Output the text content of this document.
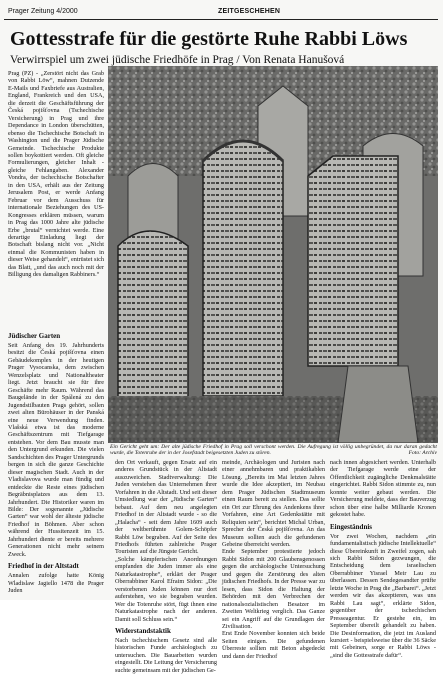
Prager Zeitung 4/2000	ZEITGESCHEHEN
Gottesstrafe für die gestörte Ruhe Rabbi Löws
Verwirrspiel um zwei jüdische Friedhöfe in Prag / Von Renata Hanušová

Prag (PZ) - „Zerstört nicht das Grab von Rabbi Löw“, mahnen Dutzende E-Mails und Faxbriefe aus Australien, England, Frankreich und den USA, die derzeit die Geschäftsführung der Česká pojišťovna (Tschechische Versicherung) in Prag und ihre Dependance in London überschütten, ebenso die Tschechische Botschaft in Washington und die Prager Jüdische Gemeinde. Tschechische Produkte sollen boykottiert werden. Oft gleiche Formulierungen, gleicher Inhalt - gleiche Fehlangaben. Alexander Vondra, der tschechische Botschafter in den USA, erhält aus der Zeitung Jerusalem Post, er werde Anfang Februar vor dem Ausschuss für internationale Beziehungen des US-Kongresses erklären müssen, warum in Prag das 1000 Jahre alte jüdische Erbe „brutal“ vernichtet werde. Eine derartige Einladung liegt der Botschaft bislang nicht vor. „Nicht einmal die Kommunisten haben in dieser Weise gehandelt“, entrüstet sich das Blatt, „und das auch noch mit der Billigung des damaligen Rabbiners.“

Jüdischer Garten

Seit Anfang des 19. Jahrhunderts besitzt die Česká pojišťovna einen Gebäudekomplex in der heutigen Prager Vysocanska, dem zwischen Wenzelsplatz und Nationaltheater liegt. Jetzt braucht sie für ihre Geschäfte mehr Raum. Während das Baugelände in der Spálená zu den Jugendstilbauten Prags gehört, sollen zwei alten Bürohäuser in der Panská eine neue Verwendung finden. Vlašská etwa ist das moderne Geschäftszentrum mit Tiefgarage entstehen. Vor dem Bau musste man den Untergrund erkunden. Die vielen Sandschichten des Prager Untergrunds bergen in sich die ganze Geschichte dieser magischen Stadt. Auch in der Vladislavova wurde man fündig und entdeckte die Reste eines jüdischen Begräbnisplatzes aus dem 13. Jahrhundert. Die Historiker waren im Bilde: Der sogenannte „Jüdische Garten“ war wohl der älteste jüdische Friedhof in Böhmen. Aber schon während der Hussitenzeit im 15. Jahrhundert diente er bereits mehrere Generationen nicht mehr seinem Zweck.

Friedhof in der Altstadt

Annalen zufolge hatte König Wladislaw Jagiello 1478 die Prager Juden

Ein Gericht geht um: Der alte jüdische Friedhof in Prag soll verschont werden. Die Aufregung ist völlig unbegründet, da nur daran gedacht wurde, die Totenruhe der in der Josefstadt beigesetzten Juden zu stören.	Foto: Archiv

den Ort verkauft, gegen Ersatz auf ein anderes Grundstück in der Altstadt auszuweichen. Stadtverwaltung: Die Juden verstehen das Unternehmen ihrer Vorfahren in die Altstadt. Und seit dieser Umsiedlung war der „Jüdische Garten“ bebaut. Auf dem neu angelegten Friedhof in der Altstadt wurde - so die „Halacha“ - seit dem Jahre 1609 auch der weltberühmte Golem-Schöpfer Rabbi Löw begraben. Auf der Seite des Friedhofs führten zahlreiche Prager Touristen auf die Jüngste Gericht.

„Solche kämpferischen Anordnungen empfanden die Juden immer als eine Naturkatastrophe“, erklärt der Prager Oberrabbiner Karol Efraim Sidon: „Die verstorbenen Juden können nur dort auferstehen, wo sie begraben wurden. Wer die Totenruhe stört, fügt ihnen eine Naturkatastrophe nach der anderen. Damit soll Schluss sein.“

Widerstandstaktik

Nach tschechischem Gesetz sind alle historischen Funde archäologisch zu untersuchen. Die Bauarbeiten wurden eingestellt. Die Leitung der Versicherung suchte gemeinsam mit der jüdischen Ge-

meinde, Archäologen und Juristen nach einer annehmbaren und praktikablen Lösung. „Bereits im Mai letzten Jahres wurde die Idee akzeptiert, im Neubau dem Prager Jüdischen Stadtmuseum einen Raum bereit zu stellen. Das sollte ein Ort zur Ehrung des Andenkens ihrer Vorfahren, eine Art Gedenkstätte mit Reliquien sein“, berichtet Michal Urban, Sprecher der Česká pojišťovna. An das Museum sollten auch die gefundenen Gebeine überreicht werden.

Ende September protestierte jedoch Rabbi Sidon mit 200 Glaubensgenossen gegen die archäologische Untersuchung und gegen die Zerstörung des alten jüdischen Friedhofs. In der Presse war zu lesen, dass Sidon die Haltung der Behörden mit den Verbrechen der nationalsozialistischen Besatzer im Zweiten Weltkrieg verglich. Das Ganze sei ein Angriff auf die Grundlagen der Zivilisation.

Erst Ende November konnten sich beide Seiten einigen. Die gefundenen Überreste sollten mit Beton abgedeckt und dann der Friedhof

nach innen abgesichert werden. Unterhalb der Tiefgarage werde eine der Öffentlichkeit zugängliche Denkmalstätte eingerichtet. Rabbi Sidon stimmte zu, nun konnte weiter gebaut werden. Die Versicherung meldete, dass der Bauverzug schon über eine halbe Milliarde Kronen gekostet habe.

Eingeständnis

Vor zwei Wochen, nachdem „ein fundamentalistisch jüdische Intellektuelle“ diese Übereinkunft in Zweifel zogen, sah sich Rabbi Sidon gezwungen, die Entscheidung dem israelischen Oberrabbiner Yisrael Meir Lau zu überlassen. Dessen Sendegesandter prüfte letzte Woche in Prag die „Barbarei“. „Jetzt werden wir das akzeptieren, was uns Rabbi Lau sagt“, erklärte Sidon, gegenüber der tschechischen Presseagentur. Er gestehe ein, im September übereilt gehandelt zu haben. Die Desinformation, die jetzt im Ausland kursiert - beispielsweise über die 36 Säcke mit Gebeinen, sorge er Rabbi Löws - „sind die Gottesstrafe dafür“.
